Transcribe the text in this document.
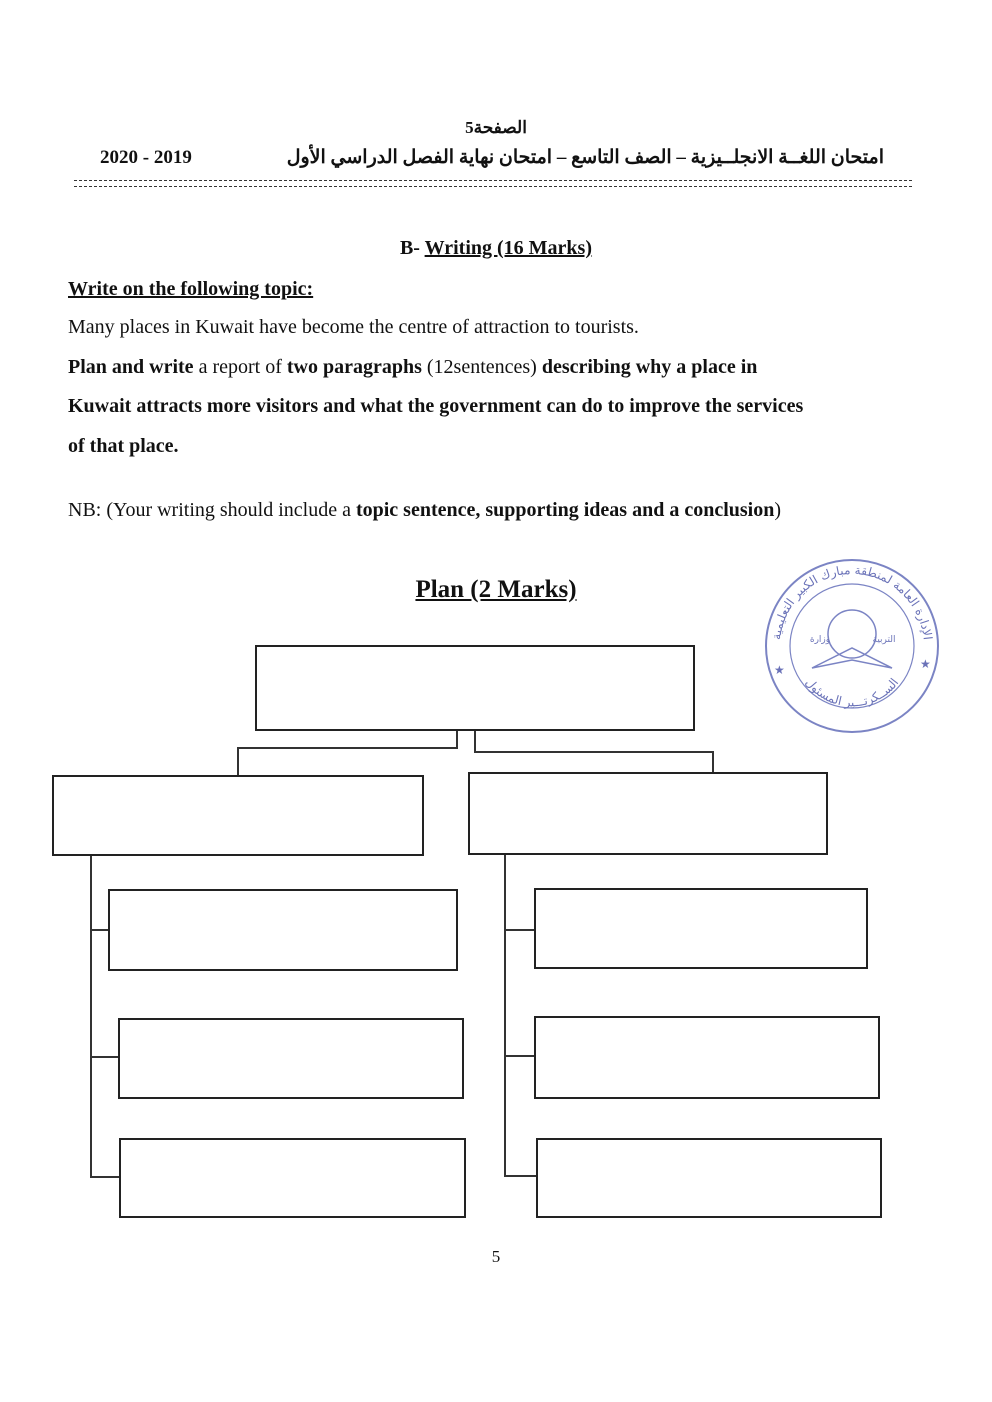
الصفحة5
امتحان اللغــة الانجلــيزية – الصف التاسع – امتحان نهاية الفصل الدراسي الأول
2020 - 2019
B- Writing (16 Marks)
Write on the following topic:
Many places in Kuwait have become the centre of attraction to tourists.
Plan and write a report of two paragraphs (12sentences) describing why a place in
Kuwait attracts more visitors and what the government can do to improve the services
of that place.
NB: (Your writing should include a topic sentence, supporting ideas and a conclusion)
Plan (2 Marks)
الإدارة العامة لمنطقة مبارك الكبير التعليمية
الســكرتـــير المسئول
وزارة	التربية
★	★
5
